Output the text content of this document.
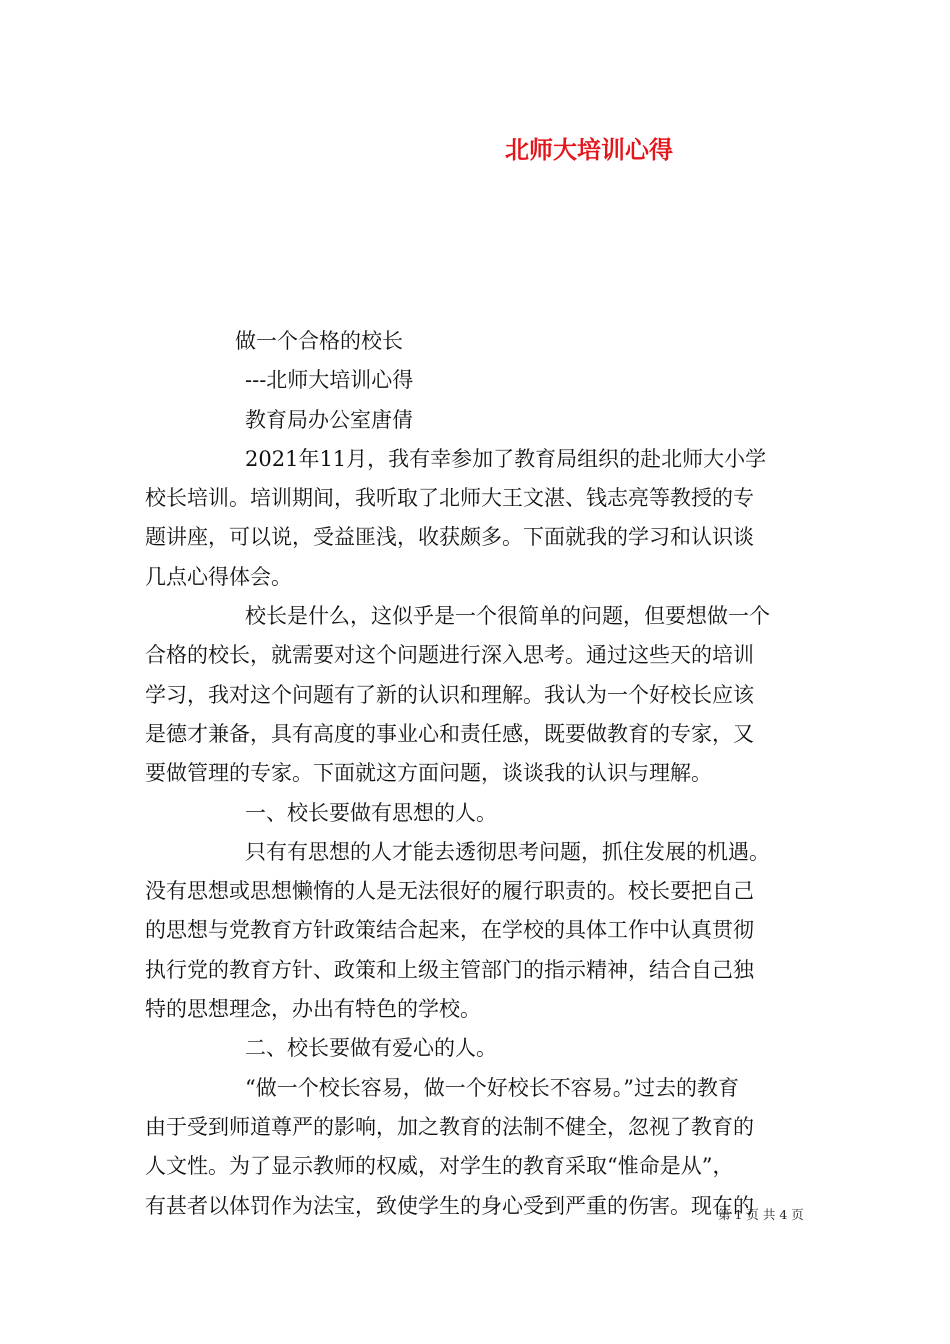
北师大培训心得
做一个合格的校长
---北师大培训心得
教育局办公室唐倩
2021年11月，我有幸参加了教育局组织的赴北师大小学
校长培训。培训期间，我听取了北师大王文湛、钱志亮等教授的专
题讲座，可以说，受益匪浅，收获颇多。下面就我的学习和认识谈
几点心得体会。
校长是什么，这似乎是一个很简单的问题，但要想做一个
合格的校长，就需要对这个问题进行深入思考。通过这些天的培训
学习，我对这个问题有了新的认识和理解。我认为一个好校长应该
是德才兼备，具有高度的事业心和责任感，既要做教育的专家，又
要做管理的专家。下面就这方面问题，谈谈我的认识与理解。
一、校长要做有思想的人。
只有有思想的人才能去透彻思考问题，抓住发展的机遇。
没有思想或思想懒惰的人是无法很好的履行职责的。校长要把自己
的思想与党教育方针政策结合起来，在学校的具体工作中认真贯彻
执行党的教育方针、政策和上级主管部门的指示精神，结合自己独
特的思想理念，办出有特色的学校。
二、校长要做有爱心的人。
“做一个校长容易，做一个好校长不容易。”过去的教育
由于受到师道尊严的影响，加之教育的法制不健全，忽视了教育的
人文性。为了显示教师的权威，对学生的教育采取“惟命是从”，
有甚者以体罚作为法宝，致使学生的身心受到严重的伤害。现在的
第 1 页 共 4 页
